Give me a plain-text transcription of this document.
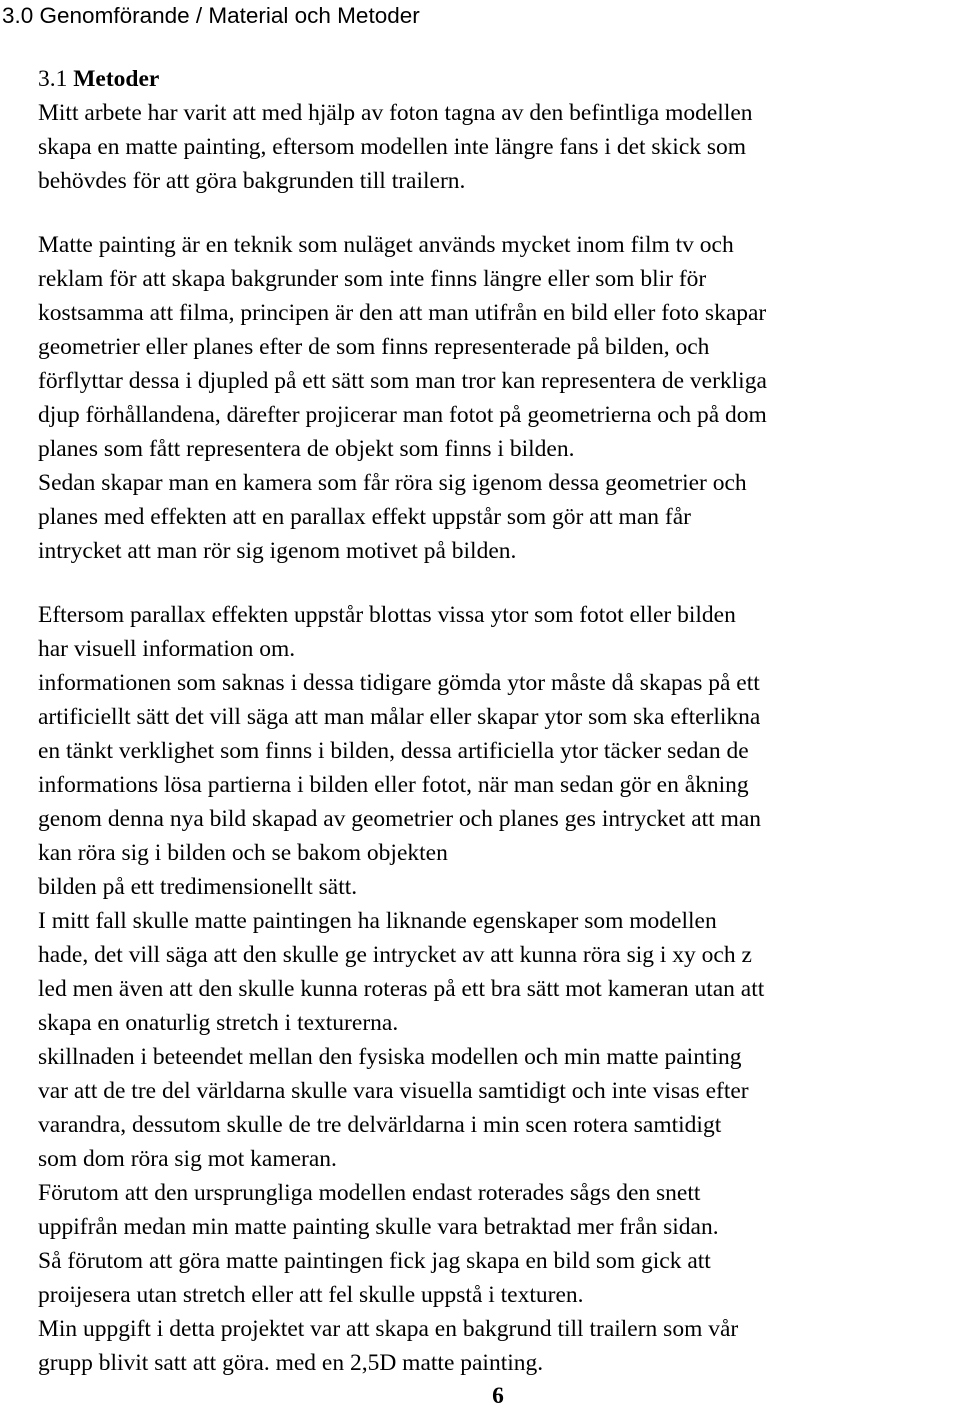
3.0 Genomförande / Material och Metoder
3.1 Metoder

Mitt arbete har varit att med hjälp av foton tagna av den befintliga modellen
skapa en matte painting, eftersom modellen inte längre fans i det skick som
behövdes för att göra bakgrunden till trailern.

Matte painting är en teknik som nuläget används mycket inom film tv och
reklam för att skapa bakgrunder som inte finns längre eller som blir för
kostsamma att filma, principen är den att man utifrån en bild eller foto skapar
geometrier eller planes efter de som finns representerade på bilden, och
förflyttar dessa i djupled på ett sätt som man tror kan representera de verkliga
djup förhållandena, därefter projicerar man fotot på geometrierna och på dom
planes som fått representera de objekt som finns i bilden.
Sedan skapar man en kamera som får röra sig igenom dessa geometrier och
planes med effekten att en parallax effekt uppstår som gör att man får
intrycket att man rör sig igenom motivet på bilden.

Eftersom parallax effekten uppstår blottas vissa ytor som fotot eller bilden
har visuell information om.
informationen som saknas i dessa tidigare gömda ytor måste då skapas på ett
artificiellt sätt det vill säga att man målar eller skapar ytor som ska efterlikna
en tänkt verklighet som finns i bilden, dessa artificiella ytor täcker sedan de
informations lösa partierna i bilden eller fotot, när man sedan gör en åkning
genom denna nya bild skapad av geometrier och planes ges intrycket att man
kan röra sig i bilden och se bakom objekten
bilden på ett tredimensionellt sätt.
I mitt fall skulle matte paintingen ha liknande egenskaper som modellen
hade, det vill säga att den skulle ge intrycket av att kunna röra sig i xy och z
led men även att den skulle kunna roteras på ett bra sätt mot kameran utan att
skapa en onaturlig stretch i texturerna.
skillnaden i beteendet mellan den fysiska modellen och min matte painting
var att de tre del världarna skulle vara visuella samtidigt och inte visas efter
varandra, dessutom skulle de tre delvärldarna i min scen rotera samtidigt
som dom röra sig mot kameran.
Förutom att den ursprungliga modellen endast roterades sågs den snett
uppifrån medan min matte painting skulle vara betraktad mer från sidan.
Så förutom att göra matte paintingen fick jag skapa en bild som gick att
proijesera utan stretch eller att fel skulle uppstå i texturen.
Min uppgift i detta projektet var att skapa en bakgrund till trailern som vår
grupp blivit satt att göra. med en 2,5D matte painting.

6
